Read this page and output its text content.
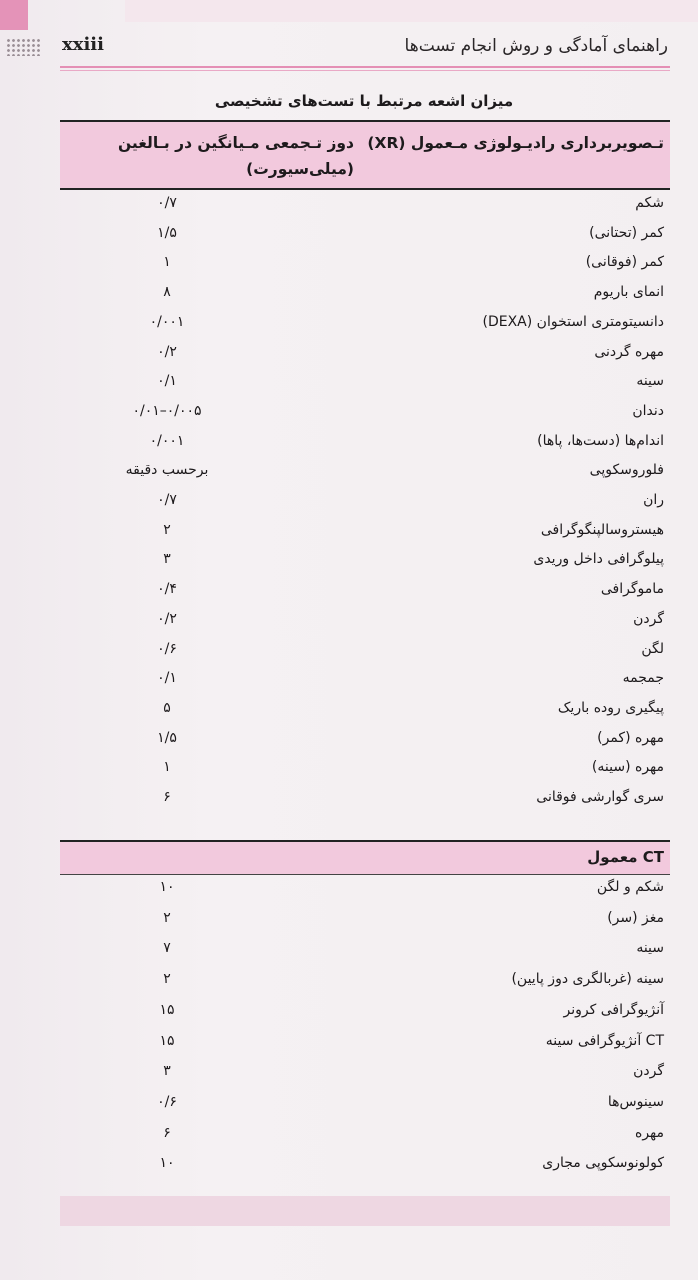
راهنمای آمادگی و روش انجام تست‌ها
xxiii
میزان اشعه مرتبط با تست‌های تشخیصی
تـصویربرداری رادیـولوژی مـعمول (XR)
دوز تـجمعی مـیانگین در بـالغین (میلی‌سیورت)
شکم
۰/۷
کمر (تحتانی)
۱/۵
کمر (فوقانی)
۱
انمای باریوم
۸
دانسیتومتری استخوان (DEXA)
۰/۰۰۱
مهره گردنی
۰/۲
سینه
۰/۱
دندان
۰/۰۰۵–۰/۰۱
اندام‌ها (دست‌ها، پاها)
۰/۰۰۱
فلوروسکوپی
برحسب دقیقه
ران
۰/۷
هیستروسالپنگوگرافی
۲
پیلوگرافی داخل وریدی
۳
ماموگرافی
۰/۴
گردن
۰/۲
لگن
۰/۶
جمجمه
۰/۱
پیگیری روده باریک
۵
مهره (کمر)
۱/۵
مهره (سینه)
۱
سری گوارشی فوقانی
۶
CT معمول
شکم و لگن
۱۰
مغز (سر)
۲
سینه
۷
سینه (غربالگری دوز پایین)
۲
آنژیوگرافی کرونر
۱۵
CT آنژیوگرافی سینه
۱۵
گردن
۳
سینوس‌ها
۰/۶
مهره
۶
کولونوسکوپی مجاری
۱۰
